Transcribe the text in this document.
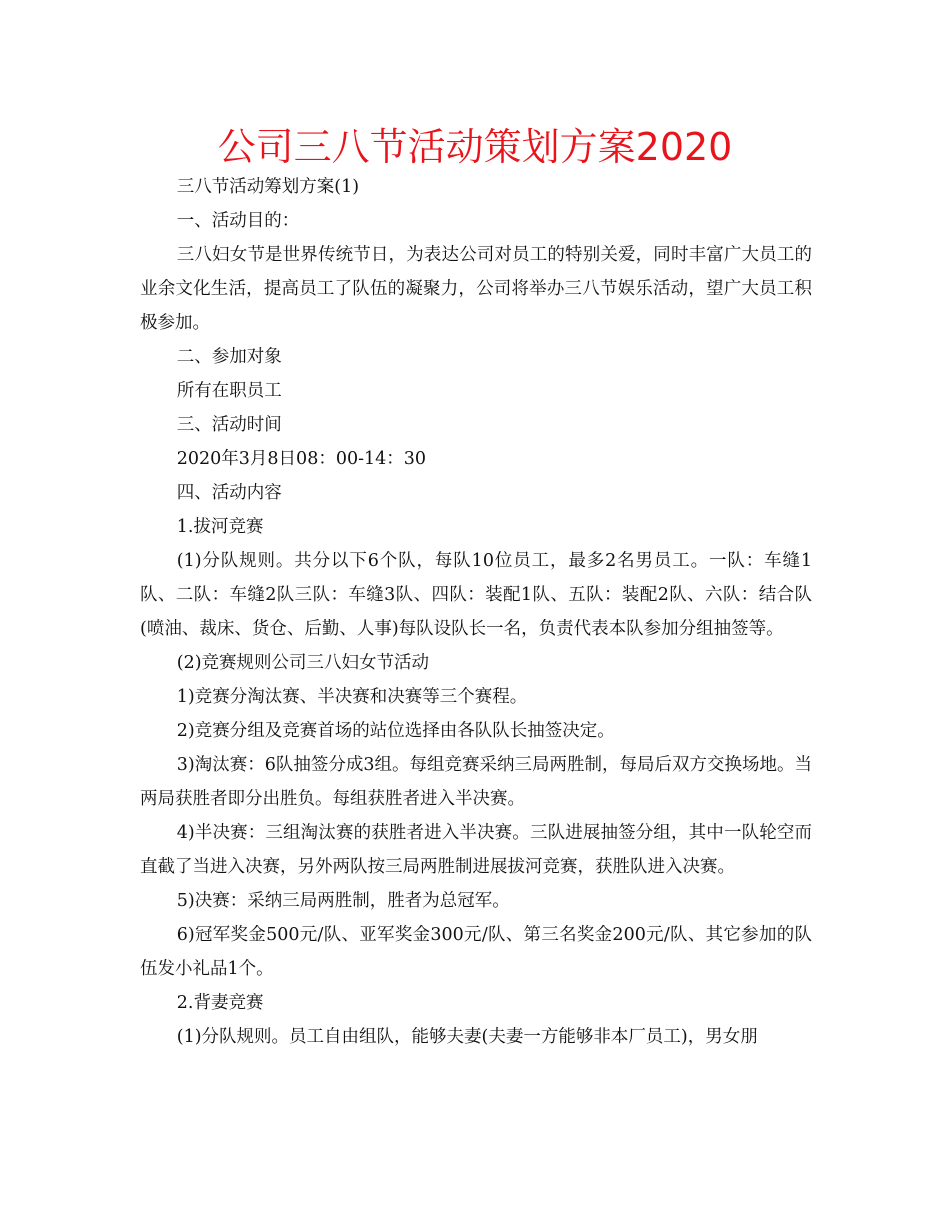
公司三八节活动策划方案2020

三八节活动筹划方案(1)

一、活动目的：

三八妇女节是世界传统节日，为表达公司对员工的特别关爱，同时丰富广大员工的业余文化生活，提高员工了队伍的凝聚力，公司将举办三八节娱乐活动，望广大员工积极参加。

二、参加对象

所有在职员工

三、活动时间

2020年3月8日08：00-14：30

四、活动内容

1.拔河竞赛

(1)分队规则。共分以下6个队，每队10位员工，最多2名男员工。一队：车缝1队、二队：车缝2队三队：车缝3队、四队：装配1队、五队：装配2队、六队：结合队(喷油、裁床、货仓、后勤、人事)每队设队长一名，负责代表本队参加分组抽签等。

(2)竞赛规则公司三八妇女节活动

1)竞赛分淘汰赛、半决赛和决赛等三个赛程。

2)竞赛分组及竞赛首场的站位选择由各队队长抽签决定。

3)淘汰赛：6队抽签分成3组。每组竞赛采纳三局两胜制，每局后双方交换场地。当两局获胜者即分出胜负。每组获胜者进入半决赛。

4)半决赛：三组淘汰赛的获胜者进入半决赛。三队进展抽签分组，其中一队轮空而直截了当进入决赛，另外两队按三局两胜制进展拔河竞赛，获胜队进入决赛。

5)决赛：采纳三局两胜制，胜者为总冠军。

6)冠军奖金500元/队、亚军奖金300元/队、第三名奖金200元/队、其它参加的队伍发小礼品1个。

2.背妻竞赛

(1)分队规则。员工自由组队，能够夫妻(夫妻一方能够非本厂员工)，男女朋
